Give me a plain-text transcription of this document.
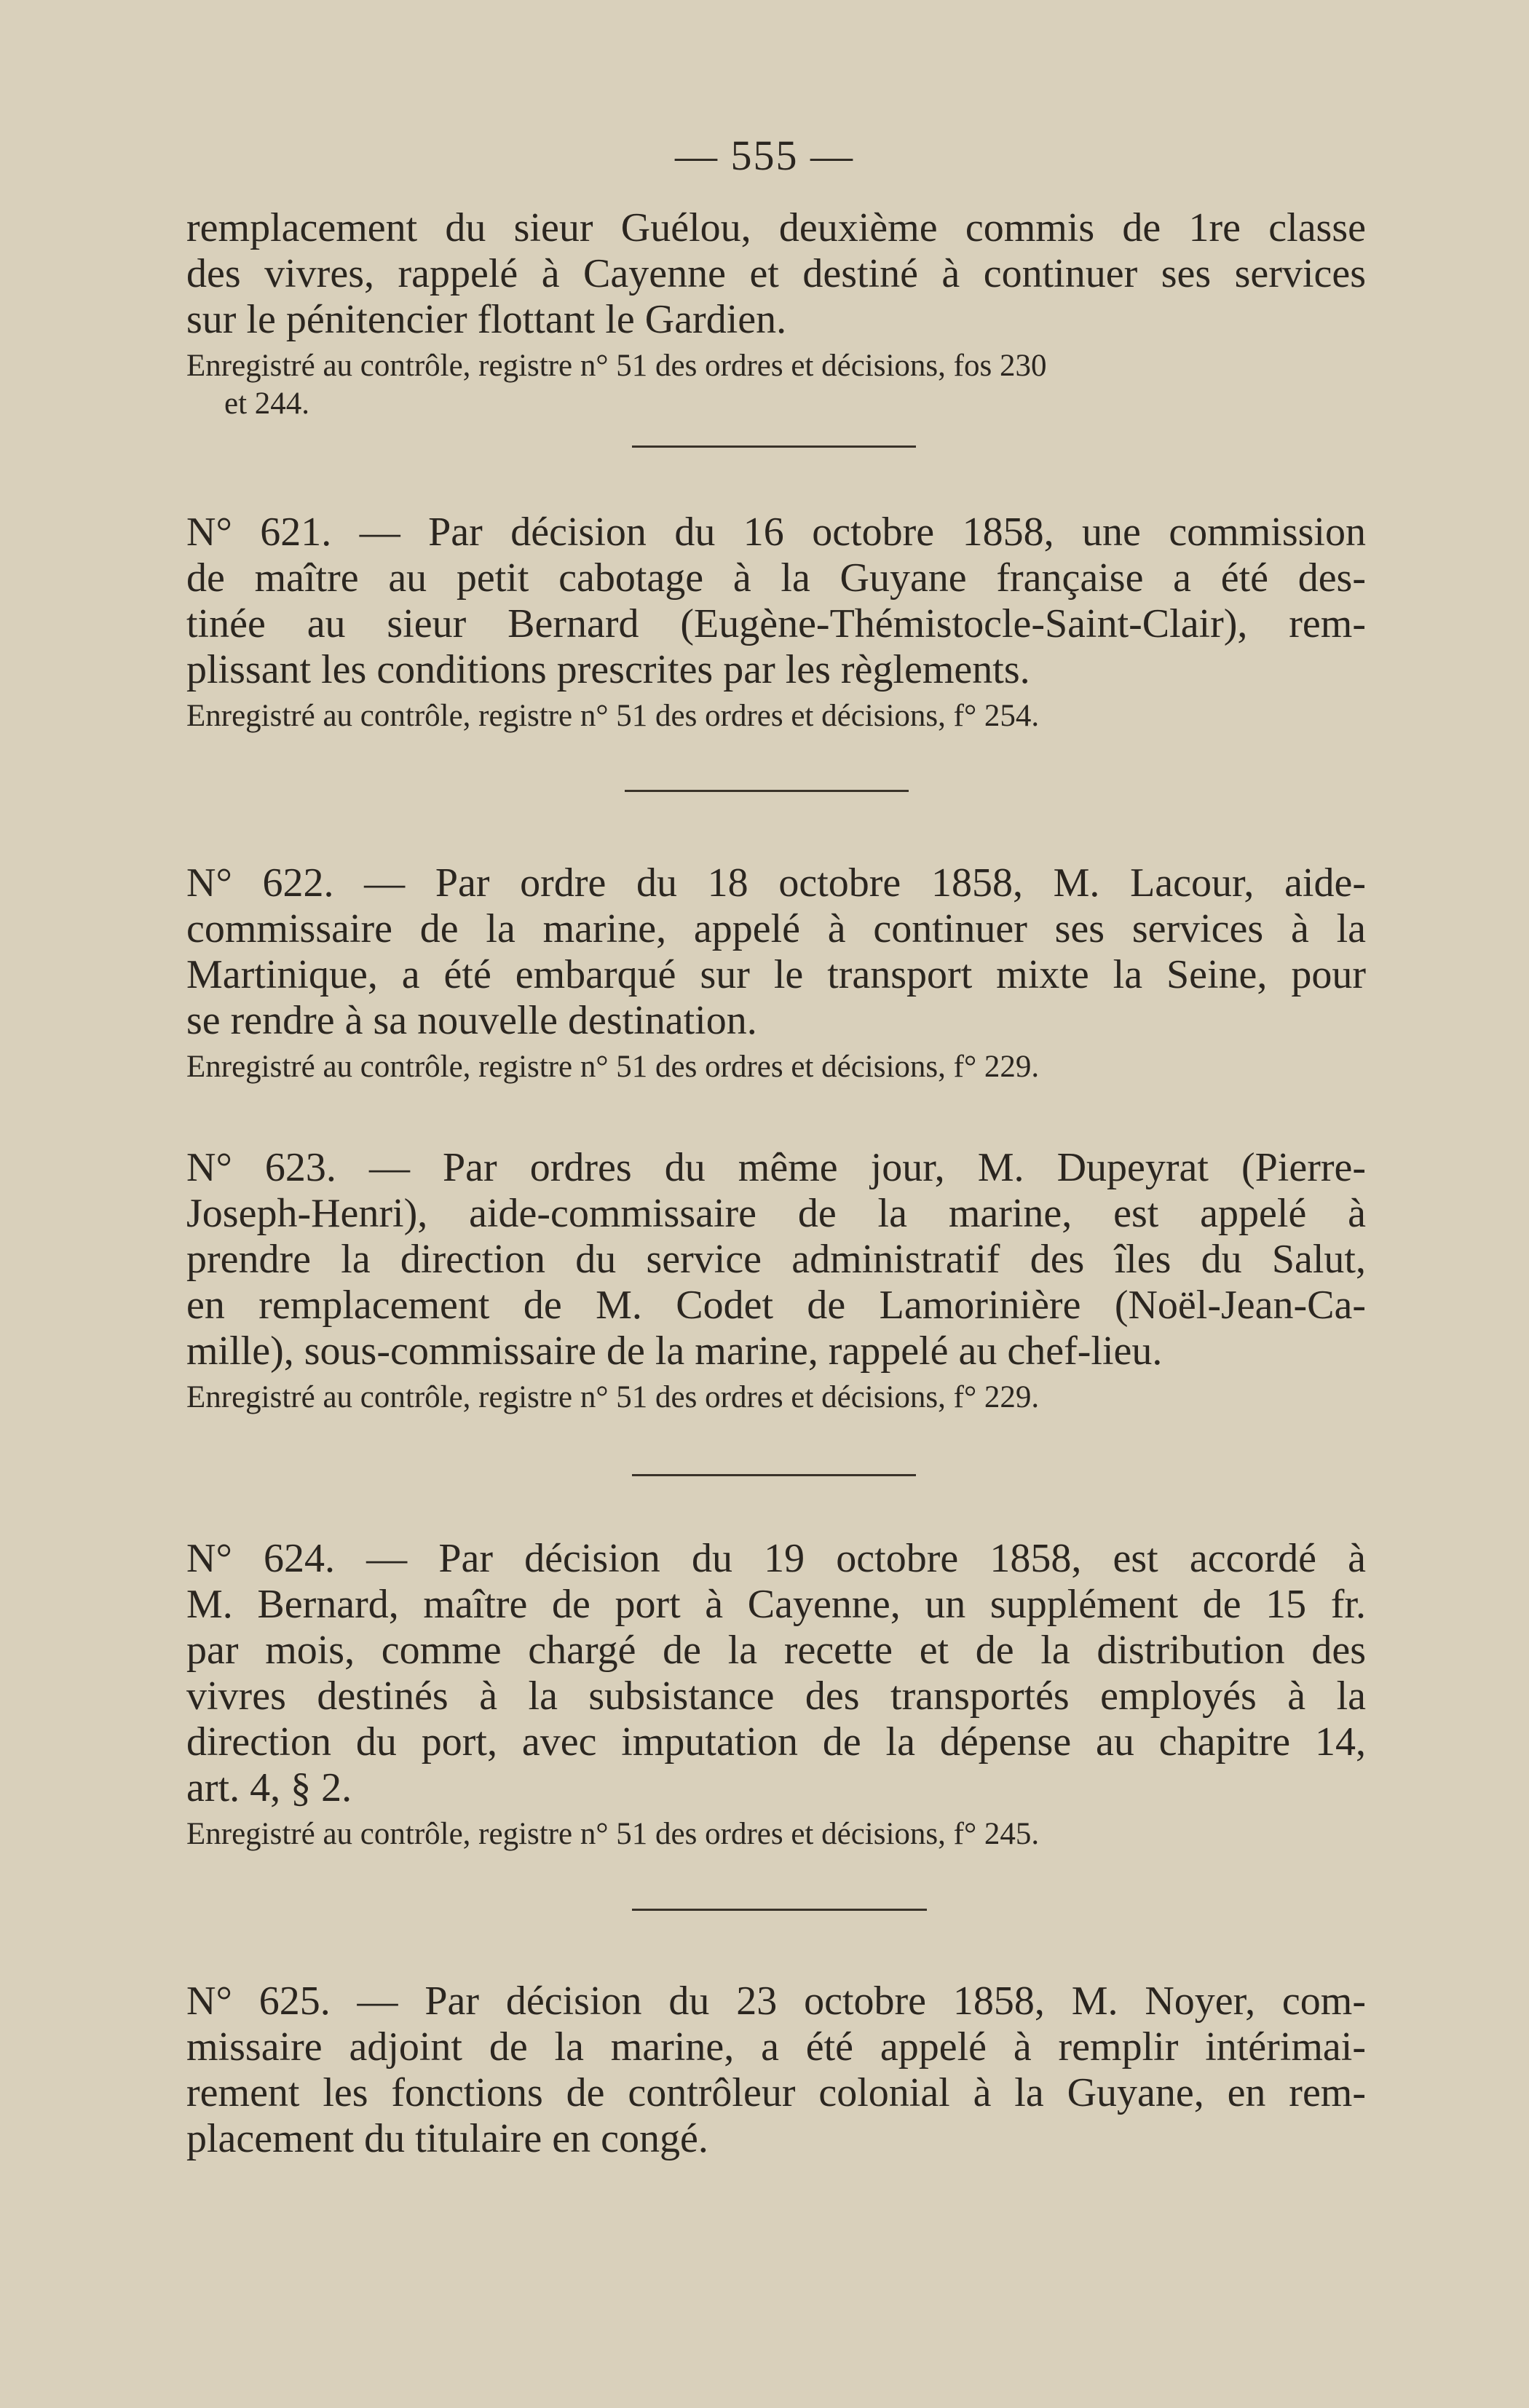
— 555 —

remplacement du sieur Guélou, deuxième commis de 1re classe
des vivres, rappelé à Cayenne et destiné à continuer ses services
sur le pénitencier flottant le Gardien.

Enregistré au contrôle, registre n° 51 des ordres et décisions, fos 230

et 244.

N° 621. — Par décision du 16 octobre 1858, une commission
de maître au petit cabotage à la Guyane française a été des-
tinée au sieur Bernard (Eugène-Thémistocle-Saint-Clair), rem-
plissant les conditions prescrites par les règlements.

Enregistré au contrôle, registre n° 51 des ordres et décisions, f° 254.

N° 622. — Par ordre du 18 octobre 1858, M. Lacour, aide-
commissaire de la marine, appelé à continuer ses services à la
Martinique, a été embarqué sur le transport mixte la Seine, pour
se rendre à sa nouvelle destination.

Enregistré au contrôle, registre n° 51 des ordres et décisions, f° 229.

N° 623. — Par ordres du même jour, M. Dupeyrat (Pierre-
Joseph-Henri), aide-commissaire de la marine, est appelé à
prendre la direction du service administratif des îles du Salut,
en remplacement de M. Codet de Lamorinière (Noël-Jean-Ca-
mille), sous-commissaire de la marine, rappelé au chef-lieu.

Enregistré au contrôle, registre n° 51 des ordres et décisions, f° 229.

N° 624. — Par décision du 19 octobre 1858, est accordé à
M. Bernard, maître de port à Cayenne, un supplément de 15 fr.
par mois, comme chargé de la recette et de la distribution des
vivres destinés à la subsistance des transportés employés à la
direction du port, avec imputation de la dépense au chapitre 14,
art. 4, § 2.

Enregistré au contrôle, registre n° 51 des ordres et décisions, f° 245.

N° 625. — Par décision du 23 octobre 1858, M. Noyer, com-
missaire adjoint de la marine, a été appelé à remplir intérimai-
rement les fonctions de contrôleur colonial à la Guyane, en rem-
placement du titulaire en congé.
